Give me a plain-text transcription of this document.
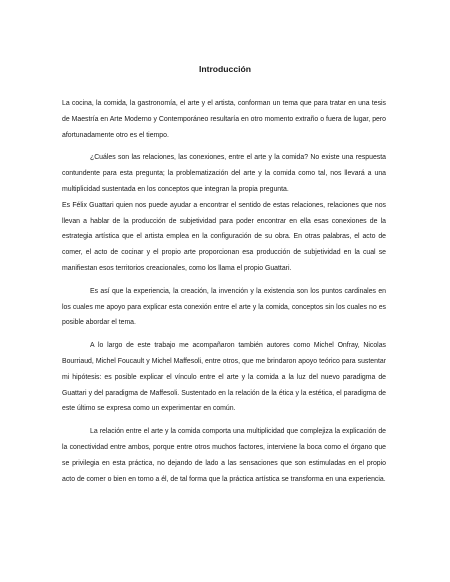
Introducción

La cocina, la comida, la gastronomía, el arte y el artista, conforman un tema que para tratar en una tesis de Maestría en Arte Moderno y Contemporáneo resultaría en otro momento extraño o fuera de lugar, pero afortunadamente otro es el tiempo.

¿Cuáles son las relaciones, las conexiones, entre el arte y la comida? No existe una respuesta contundente para esta pregunta; la problematización del arte y la comida como tal, nos llevará a una multiplicidad sustentada en los conceptos que integran la propia pregunta.

Es Félix Guattari quien nos puede ayudar a encontrar el sentido de estas relaciones, relaciones que nos llevan a hablar de la producción de subjetividad para poder encontrar en ella esas conexiones de la estrategia artística que el artista emplea en la configuración de su obra. En otras palabras, el acto de comer, el acto de cocinar y el propio arte proporcionan esa producción de subjetividad en la cual se manifiestan esos territorios creacionales, como los llama el propio Guattari.

Es así que la experiencia, la creación, la invención y la existencia son los puntos cardinales en los cuales me apoyo para explicar esta conexión entre el arte y la comida, conceptos sin los cuales no es posible abordar el tema.

A lo largo de este trabajo me acompañaron también autores como Michel Onfray, Nicolas Bourriaud, Michel Foucault y Michel Maffesoli, entre otros, que me brindaron apoyo teórico para sustentar mi hipótesis: es posible explicar el vínculo entre el arte y la comida a la luz del nuevo paradigma de Guattari y del paradigma de Maffesoli. Sustentado en la relación de la ética y la estética, el paradigma de este último se expresa como un experimentar en común.

La relación entre el arte y la comida comporta una multiplicidad que complejiza la explicación de la conectividad entre ambos, porque entre otros muchos factores, interviene la boca como el órgano que se privilegia en esta práctica, no dejando de lado a las sensaciones que son estimuladas en el propio acto de comer o bien en torno a él, de tal forma que la práctica artística se transforma en una experiencia.
